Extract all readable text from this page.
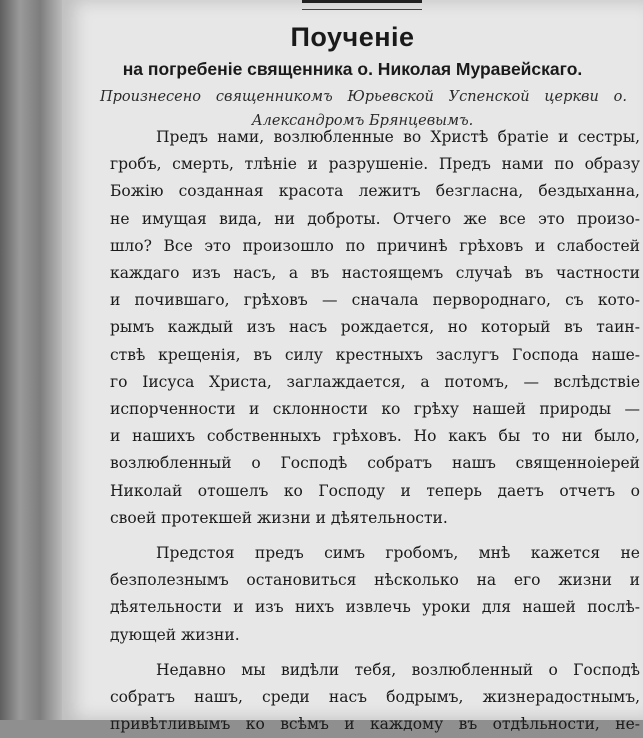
Поученіе
на погребеніе священника о. Николая Муравейскаго.
Произнесено священникомъ Юрьевской Успенской церкви о.
Александромъ Брянцевымъ.
Предъ нами, возлюбленные во Христѣ братіе и сестры,
гробъ, смерть, тлѣніе и разрушеніе. Предъ нами по образу
Божію созданная красота лежитъ безгласна, бездыханна,
не имущая вида, ни доброты. Отчего же все это произо-
шло? Все это произошло по причинѣ грѣховъ и слабостей
каждаго изъ насъ, а въ настоящемъ случаѣ въ частности
и почившаго, грѣховъ — сначала первороднаго, съ кото-
рымъ каждый изъ насъ рождается, но который въ таин-
ствѣ крещенія, въ силу крестныхъ заслугъ Господа наше-
го Іисуса Христа, заглаждается, а потомъ, — вслѣдствіе
испорченности и склонности ко грѣху нашей природы —
и нашихъ собственныхъ грѣховъ. Но какъ бы то ни было,
возлюбленный о Господѣ собратъ нашъ священноіерей
Николай отошелъ ко Господу и теперь даетъ отчетъ о
своей протекшей жизни и дѣятельности.
Предстоя предъ симъ гробомъ, мнѣ кажется не
безполезнымъ остановиться нѣсколько на его жизни и
дѣятельности и изъ нихъ извлечь уроки для нашей послѣ-
дующей жизни.
Недавно мы видѣли тебя, возлюбленный о Господѣ
собратъ нашъ, среди насъ бодрымъ, жизнерадостнымъ,
привѣтливымъ ко всѣмъ и каждому въ отдѣльности, не-
